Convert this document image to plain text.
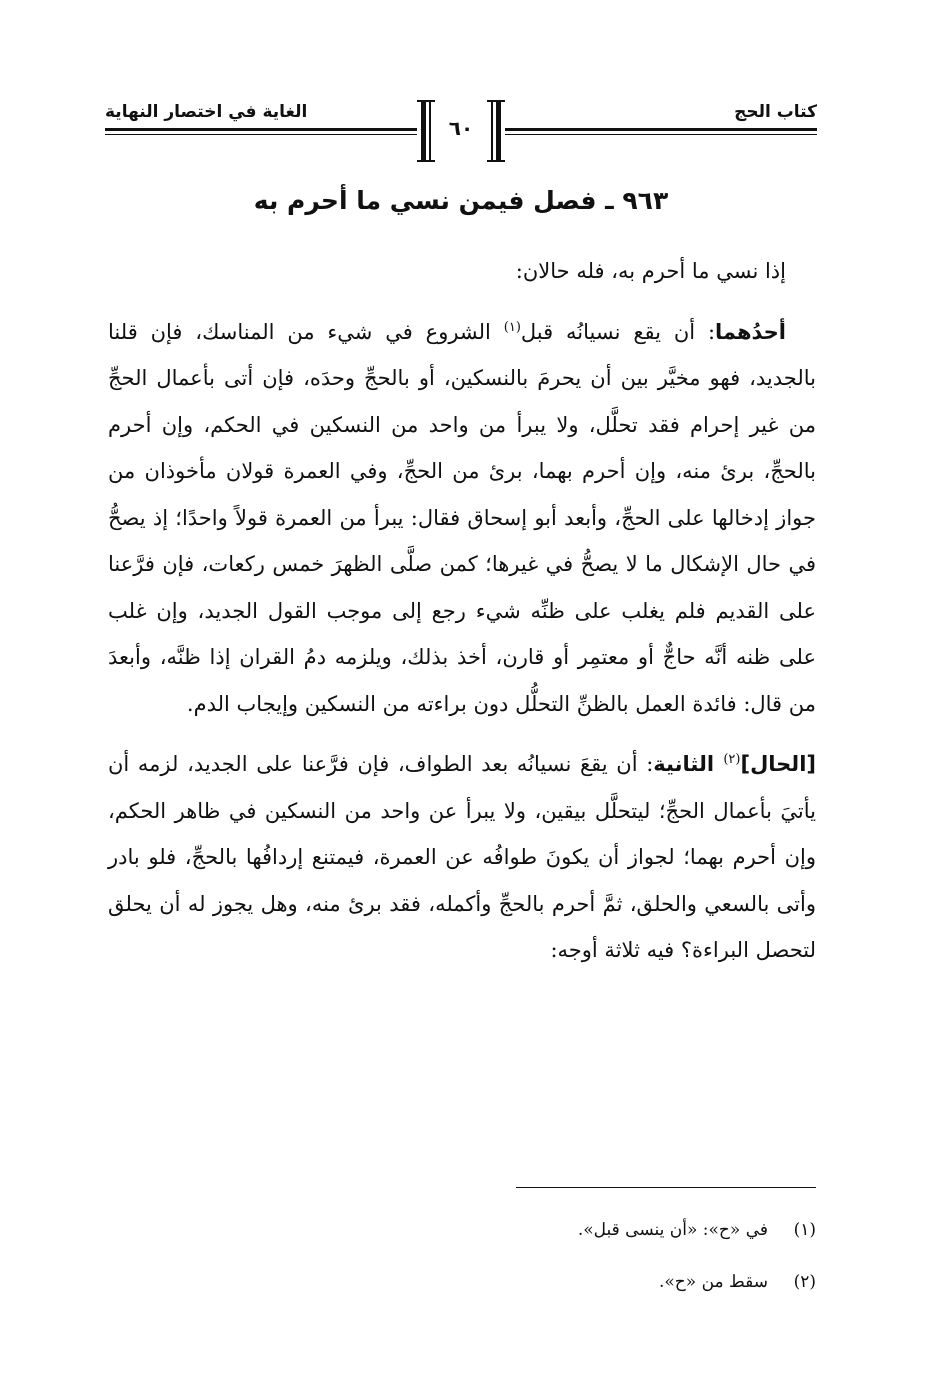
كتاب الحج
الغاية في اختصار النهاية
٦٠
٩٦٣ ـ فصل فيمن نسي ما أحرم به

إذا نسي ما أحرم به، فله حالان:

أحدُهما: أن يقع نسيانُه قبل$^{(١)}$ الشروع في شيء من المناسك، فإن قلنا بالجديد، فهو مخيَّر بين أن يحرمَ بالنسكين، أو بالحجِّ وحدَه، فإن أتى بأعمال الحجِّ من غير إحرام فقد تحلَّل، ولا يبرأ من واحد من النسكين في الحكم، وإن أحرم بالحجِّ، برئ منه، وإن أحرم بهما، برئ من الحجِّ، وفي العمرة قولان مأخوذان من جواز إدخالها على الحجِّ، وأبعد أبو إسحاق فقال: يبرأ من العمرة قولاً واحدًا؛ إذ يصحُّ في حال الإشكال ما لا يصحُّ في غيرها؛ كمن صلَّى الظهرَ خمس ركعات، فإن فرَّعنا على القديم فلم يغلب على ظنِّه شيء رجع إلى موجب القول الجديد، وإن غلب على ظنه أنَّه حاجٌّ أو معتمِر أو قارن، أخذ بذلك، ويلزمه دمُ القران إذا ظنَّه، وأبعدَ من قال: فائدة العمل بالظنِّ التحلُّل دون براءته من النسكين وإيجاب الدم.

[الحال]$^{(٢)}$ الثانية: أن يقعَ نسيانُه بعد الطواف، فإن فرَّعنا على الجديد، لزمه أن يأتيَ بأعمال الحجِّ؛ ليتحلَّل بيقين، ولا يبرأ عن واحد من النسكين في ظاهر الحكم، وإن أحرم بهما؛ لجواز أن يكونَ طوافُه عن العمرة، فيمتنع إردافُها بالحجِّ، فلو بادر وأتى بالسعي والحلق، ثمَّ أحرم بالحجِّ وأكمله، فقد برئ منه، وهل يجوز له أن يحلق لتحصل البراءة؟ فيه ثلاثة أوجه:

(١)
في «ح»: «أن ينسى قبل».
(٢)
سقط من «ح».
